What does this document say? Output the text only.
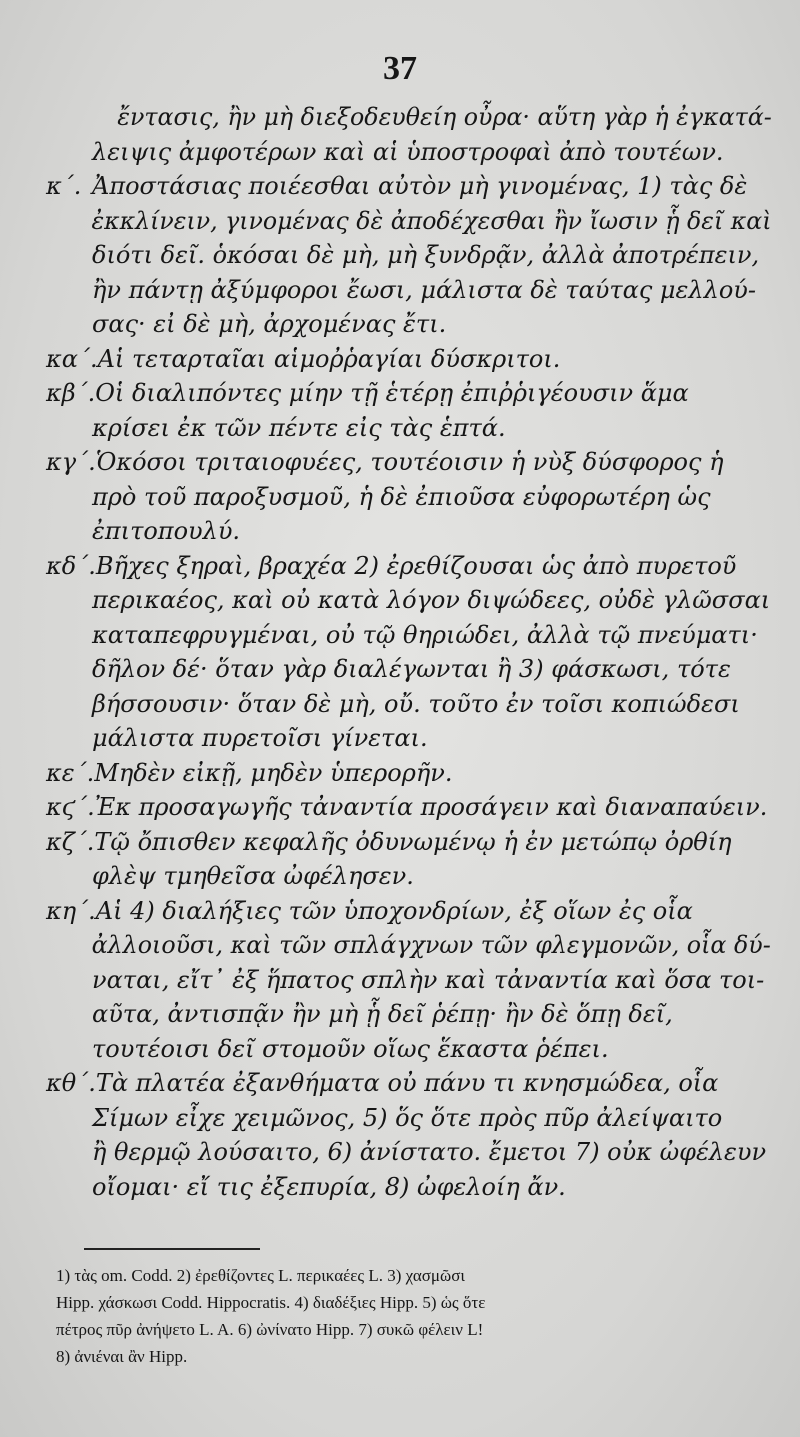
37
ἔντασις, ἢν μὴ διεξοδευθείη οὖρα· αὕτη γὰρ ἡ ἐγκατά-
λειψις ἀμφοτέρων καὶ αἱ ὑποστροφαὶ ἀπὸ τουτέων.
κ΄. Ἀποστάσιας ποιέεσθαι αὐτὸν μὴ γινομένας, 1) τὰς δὲ
ἐκκλίνειν, γινομένας δὲ ἀποδέχεσθαι ἢν ἴωσιν ᾗ δεῖ καὶ
διότι δεῖ. ὁκόσαι δὲ μὴ, μὴ ξυνδρᾷν, ἀλλὰ ἀποτρέπειν,
ἢν πάντῃ ἀξύμφοροι ἔωσι, μάλιστα δὲ ταύτας μελλού-
σας· εἰ δὲ μὴ, ἀρχομένας ἔτι.
κα΄.Αἱ τεταρταῖαι αἱμοῤῥαγίαι δύσκριτοι.
κβ΄.Οἱ διαλιπόντες μίην τῇ ἑτέρῃ ἐπιῤῥιγέουσιν ἅμα
κρίσει ἐκ τῶν πέντε εἰς τὰς ἑπτά.
κγ΄.Ὁκόσοι τριταιοφυέες, τουτέοισιν ἡ νὺξ δύσφορος ἡ
πρὸ τοῦ παροξυσμοῦ, ἡ δὲ ἐπιοῦσα εὐφορωτέρη ὡς
ἐπιτοπουλύ.
κδ΄.Βῆχες ξηραὶ, βραχέα 2) ἐρεθίζουσαι ὡς ἀπὸ πυρετοῦ
περικαέος, καὶ οὐ κατὰ λόγον διψώδεες, οὐδὲ γλῶσσαι
καταπεφρυγμέναι, οὐ τῷ θηριώδει, ἀλλὰ τῷ πνεύματι·
δῆλον δέ· ὅταν γὰρ διαλέγωνται ἢ 3) φάσκωσι, τότε
βήσσουσιν· ὅταν δὲ μὴ, οὔ. τοῦτο ἐν τοῖσι κοπιώδεσι
μάλιστα πυρετοῖσι γίνεται.
κε΄.Μηδὲν εἰκῇ, μηδὲν ὑπερορῆν.
κϛ΄.Ἐκ προσαγωγῆς τἀναντία προσάγειν καὶ διαναπαύειν.
κζ΄.Τῷ ὄπισθεν κεφαλῆς ὀδυνωμένῳ ἡ ἐν μετώπῳ ὀρθίη
φλὲψ τμηθεῖσα ὠφέλησεν.
κη΄.Αἱ 4) διαλήξιες τῶν ὑποχονδρίων, ἐξ οἵων ἐς οἷα
ἀλλοιοῦσι, καὶ τῶν σπλάγχνων τῶν φλεγμονῶν, οἷα δύ-
ναται, εἴτ᾽ ἐξ ἥπατος σπλὴν καὶ τἀναντία καὶ ὅσα τοι-
αῦτα, ἀντισπᾷν ἢν μὴ ᾗ δεῖ ῥέπῃ· ἢν δὲ ὅπῃ δεῖ,
τουτέοισι δεῖ στομοῦν οἵως ἕκαστα ῥέπει.
κθ΄.Τὰ πλατέα ἐξανθήματα οὐ πάνυ τι κνησμώδεα, οἷα
Σίμων εἶχε χειμῶνος, 5) ὅς ὅτε πρὸς πῦρ ἀλείψαιτο
ἢ θερμῷ λούσαιτο, 6) ἀνίστατο. ἔμετοι 7) οὐκ ὠφέλευν
οἴομαι· εἴ τις ἐξεπυρία, 8) ὠφελοίη ἄν.
1) τὰς om. Codd. 2) ἐρεθίζοντες L. περικαέες L. 3) χασμῶσι
Hipp. χάσκωσι Codd. Hippocratis. 4) διαδέξιες Hipp. 5) ὡς ὅτε
πέτρος πῦρ ἀνήψετο L. A. 6) ὠνίνατο Hipp. 7) συκῶ φέλειν L!
8) ἀνιέναι ἂν Hipp.
